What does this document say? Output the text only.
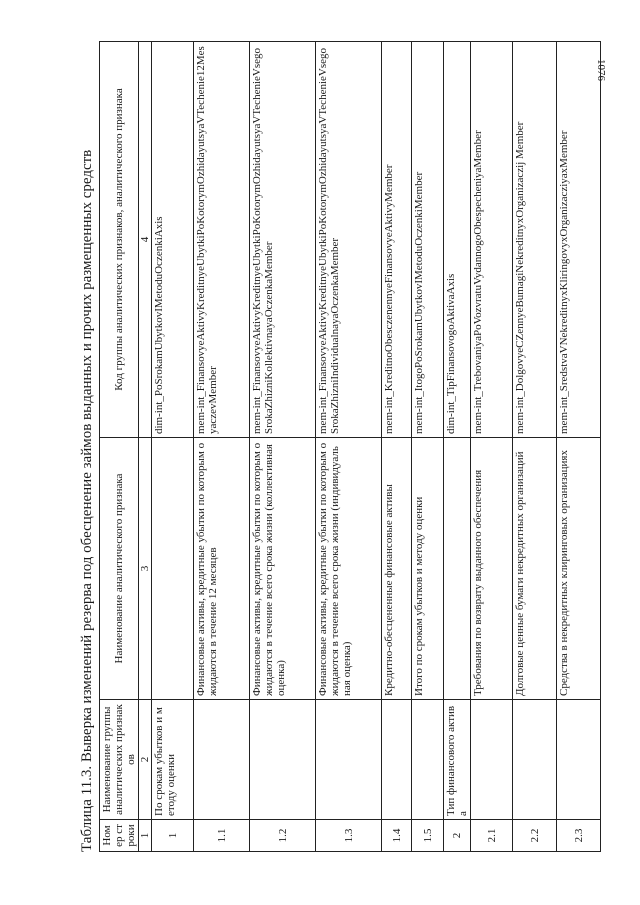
1076
Таблица 11.3. Выверка изменений резерва под обесценение займов выданных и прочих размещенных средств Номер строки	Наименование группы аналитических признаков	Наименование аналитического признака	Код группы аналитических признаков, аналитического признака
1	2	3	4
1	По срокам убытков и методу оценки		dim-int_PoSrokamUbytkovIMetoduOczenkiAxis
1.1		Финансовые активы, кредитные убытки по которым ожидаются в течение 12 месяцев	mem-int_FinansovyeAktivyKreditnyeUbytkiPoKotorymOzhidayutsyaVTechenie12MesyaczevMember
1.2		Финансовые активы, кредитные убытки по которым ожидаются в течение всего срока жизни (коллективная оценка)	mem-int_FinansovyeAktivyKreditnyeUbytkiPoKotorymOzhidayutsyaVTechenieVsegoSrokaZhizniKollektivnayaOczenkaMember
1.3		Финансовые активы, кредитные убытки по которым ожидаются в течение всего срока жизни (индивидуальная оценка)	mem-int_FinansovyeAktivyKreditnyeUbytkiPoKotorymOzhidayutsyaVTechenieVsegoSrokaZhizniIndividualnayaOczenkaMember
1.4		Кредитно-обесцененные финансовые активы	mem-int_KreditnoObesczenennyeFinansovyeAktivyMember
1.5		Итого по срокам убытков и методу оценки	mem-int_ItogoPoSrokamUbytkovIMetoduOczenkiMember
2	Тип финансового актива		dim-int_TipFinansovogoAktivaAxis
2.1		Требования по возврату выданного обеспечения	mem-int_TrebovaniyaPoVozvratuVydannogoObespecheniyaMember
2.2		Долговые ценные бумаги некредитных организаций	mem-int_DolgovyeCZennyeBumagiNekreditnyxOrganizaczij Member
2.3		Средства в некредитных клиринговых организациях	mem-int_SredstvaVNekreditnyxKliringovyxOrganizacziyaxMember
